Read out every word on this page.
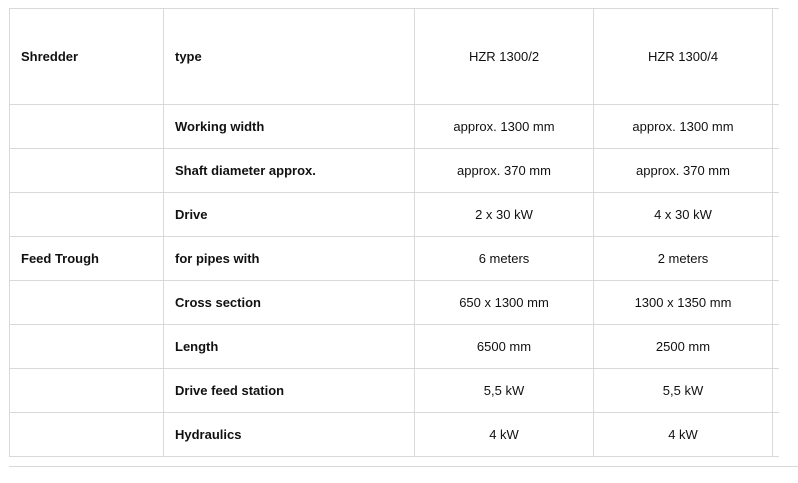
Shredder	type	HZR 1300/2	HZR 1300/4	
	Working width	approx. 1300 mm	approx. 1300 mm	
	Shaft diameter approx.	approx. 370 mm	approx. 370 mm	
	Drive	2 x 30 kW	4 x 30 kW	
Feed Trough	for pipes with	6 meters	2 meters	
	Cross section	650 x 1300 mm	1300 x 1350 mm	
	Length	6500 mm	2500 mm	
	Drive feed station	5,5 kW	5,5 kW	
	Hydraulics	4 kW	4 kW	
